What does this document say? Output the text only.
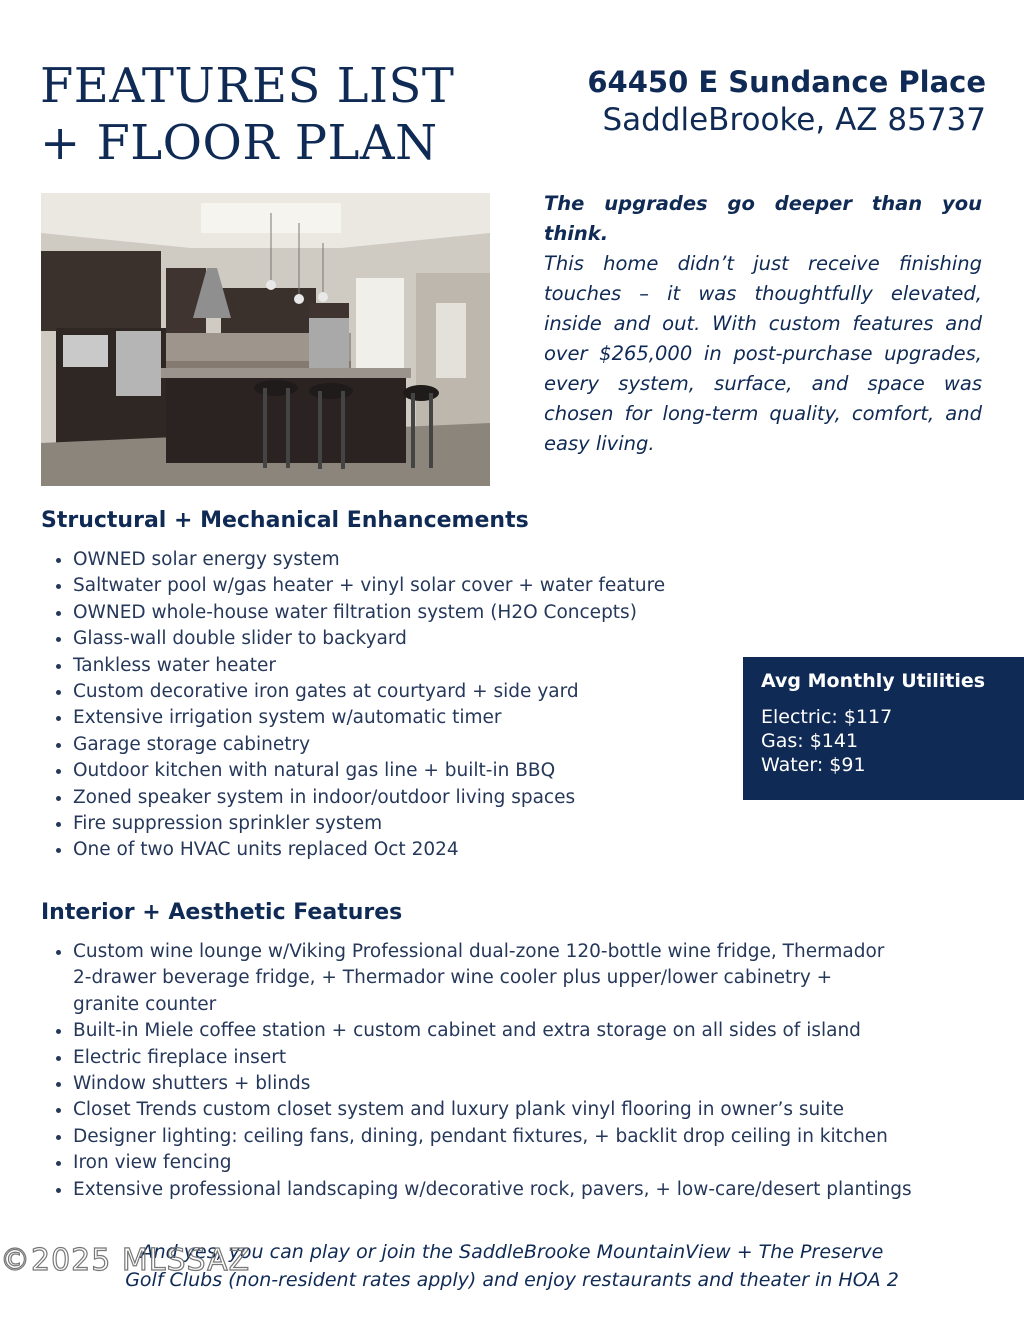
FEATURES LIST
+ FLOOR PLAN
64450 E Sundance Place
SaddleBrooke, AZ 85737
The upgrades go deeper than you think.
This home didn’t just receive finishing touches – it was thoughtfully elevated, inside and out. With custom features and over $265,000 in post-purchase upgrades, every system, surface, and space was chosen for long-term quality, comfort, and easy living.
Structural + Mechanical Enhancements
• OWNED solar energy system
• Saltwater pool w/gas heater + vinyl solar cover + water feature
• OWNED whole-house water filtration system (H2O Concepts)
• Glass-wall double slider to backyard
• Tankless water heater
• Custom decorative iron gates at courtyard + side yard
• Extensive irrigation system w/automatic timer
• Garage storage cabinetry
• Outdoor kitchen with natural gas line + built-in BBQ
• Zoned speaker system in indoor/outdoor living spaces
• Fire suppression sprinkler system
• One of two HVAC units replaced Oct 2024
Avg Monthly Utilities
Electric: $117
Gas: $141
Water: $91
Interior + Aesthetic Features
• Custom wine lounge w/Viking Professional dual-zone 120-bottle wine fridge, Thermador 2-drawer beverage fridge, + Thermador wine cooler plus upper/lower cabinetry + granite counter
• Built-in Miele coffee station + custom cabinet and extra storage on all sides of island
• Electric fireplace insert
• Window shutters + blinds
• Closet Trends custom closet system and luxury plank vinyl flooring in owner’s suite
• Designer lighting: ceiling fans, dining, pendant fixtures, + backlit drop ceiling in kitchen
• Iron view fencing
• Extensive professional landscaping w/decorative rock, pavers, + low-care/desert plantings
And yes, you can play or join the SaddleBrooke MountainView + The Preserve
Golf Clubs (non-resident rates apply) and enjoy restaurants and theater in HOA 2
©2025 MLSSAZ
